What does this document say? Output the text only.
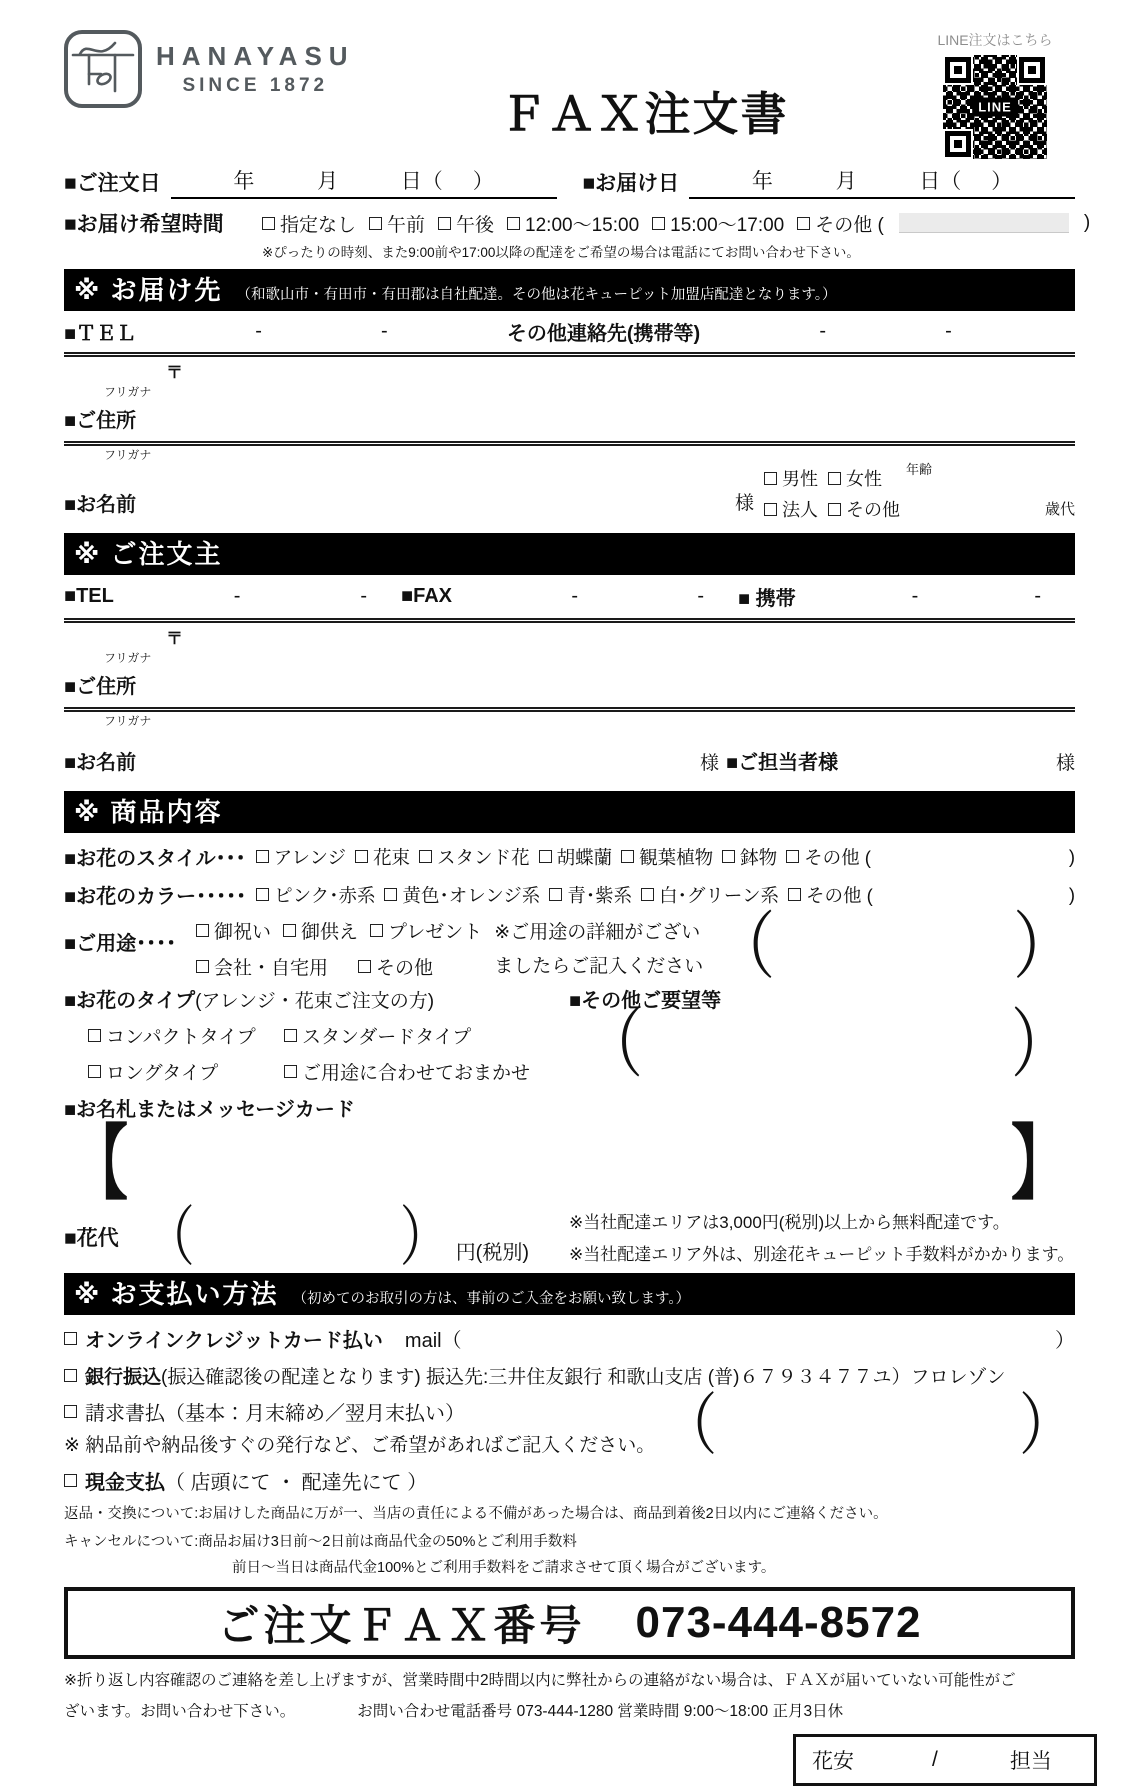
HANAYASU
SINCE 1872
ＦＡＸ注文書
LINE注文はこちら
LINE
■ご注文日	年	月	日（ ）	■お届け日	年	月	日（ ）
■お届け希望時間	指定なし 午前 午後 12:00～15:00 15:00～17:00 その他 (	)
※ぴったりの時刻、また9:00前や17:00以降の配達をご希望の場合は電話にてお問い合わせ下さい。
※ お届け先 （和歌山市・有田市・有田郡は自社配達。その他は花キューピット加盟店配達となります。）
■ＴＥＬ	-	-	その他連絡先(携帯等)	-	-
〒
フリガナ
■ご住所
フリガナ
■お名前	様
男性 女性
法人 その他
年齢
歳代
※ ご注文主
■TEL	-	- ■FAX	-	- ■ 携帯	-	-
〒
フリガナ
■ご住所
フリガナ
■お名前	様 ■ご担当者様	様
※ 商品内容
■お花のスタイル･･･ アレンジ 花束 スタンド花 胡蝶蘭 観葉植物 鉢物 その他 (	)
■お花のカラー･････ ピンク･赤系 黄色･オレンジ系 青･紫系 白･グリーン系 その他 (	)
■ご用途････
御祝い 御供え プレゼント
会社・自宅用	その他
※ご用途の詳細がござい
ましたらご記入ください （	）
■お花のタイプ(アレンジ・花束ご注文の方)
コンパクトタイプ スタンダードタイプ
ロングタイプ	ご用途に合わせておまかせ
■その他ご要望等
（	）
■お名札またはメッセージカード
【	】
■花代 （	） 円(税別)
※当社配達エリアは3,000円(税別)以上から無料配達です。
※当社配達エリア外は、別途花キューピット手数料がかかります。
※ お支払い方法 （初めてのお取引の方は、事前のご入金をお願い致します。）
オンラインクレジットカード払い mail（	）
銀行振込 (振込確認後の配達となります) 振込先:三井住友銀行 和歌山支店 (普)６７９３４７７ユ）フロレゾン
請求書払 （基本：月末締め／翌月末払い）
※ 納品前や納品後すぐの発行など、ご希望があればご記入ください。 （	）
現金支払 （ 店頭にて ・ 配達先にて ）
返品・交換について:お届けした商品に万が一、当店の責任による不備があった場合は、商品到着後2日以内にご連絡ください。
キャンセルについて:商品お届け3日前～2日前は商品代金の50%とご利用手数料
前日～当日は商品代金100%とご利用手数料をご請求させて頂く場合がございます。
ご注文ＦＡＸ番号 073-444-8572
※折り返し内容確認のご連絡を差し上げますが、営業時間中2時間以内に弊社からの連絡がない場合は、ＦＡＸが届いていない可能性がご
ざいます。お問い合わせ下さい。	お問い合わせ電話番号 073-444-1280 営業時間 9:00～18:00 正月3日休
花安	/	担当
